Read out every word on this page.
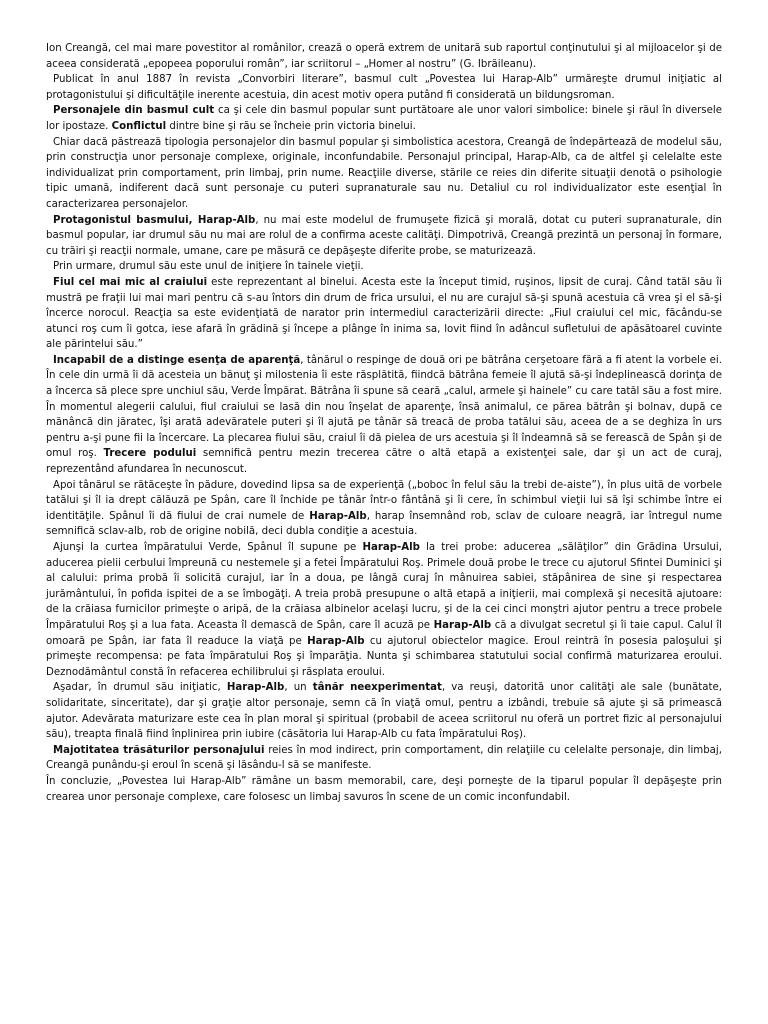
Ion Creangă, cel mai mare povestitor al românilor, crează o operă extrem de unitară sub raportul conţinutului şi al mijloacelor şi de aceea considerată „epopeea poporului român”, iar scriitorul – „Homer al nostru” (G. Ibrăileanu).

Publicat în anul 1887 în revista „Convorbiri literare”, basmul cult „Povestea lui Harap-Alb” urmăreşte drumul iniţiatic al protagonistului şi dificultăţile inerente acestuia, din acest motiv opera putând fi considerată un bildungsroman.

Personajele din basmul cult ca şi cele din basmul popular sunt purtătoare ale unor valori simbolice: binele şi răul în diversele lor ipostaze. Conflictul dintre bine şi rău se încheie prin victoria binelui.

Chiar dacă păstrează tipologia personajelor din basmul popular şi simbolistica acestora, Creangă de îndepărtează de modelul său, prin construcţia unor personaje complexe, originale, inconfundabile. Personajul principal, Harap-Alb, ca de altfel şi celelalte este individualizat prin comportament, prin limbaj, prin nume. Reacţiile diverse, stările ce reies din diferite situaţii denotă o psihologie tipic umană, indiferent dacă sunt personaje cu puteri supranaturale sau nu. Detaliul cu rol individualizator este esenţial în caracterizarea personajelor.

Protagonistul basmului, Harap-Alb, nu mai este modelul de frumuşete fizică şi morală, dotat cu puteri supranaturale, din basmul popular, iar drumul său nu mai are rolul de a confirma aceste calităţi. Dimpotrivă, Creangă prezintă un personaj în formare, cu trăiri şi reacţii normale, umane, care pe măsură ce depăşeşte diferite probe, se maturizează.

Prin urmare, drumul său este unul de iniţiere în tainele vieţii.

Fiul cel mai mic al craiului este reprezentant al binelui. Acesta este la început timid, ruşinos, lipsit de curaj. Când tatăl său îi mustră pe fraţii lui mai mari pentru că s-au întors din drum de frica ursului, el nu are curajul să-şi spună acestuia că vrea şi el să-şi încerce norocul. Reacţia sa este evidenţiată de narator prin intermediul caracterizării directe: „Fiul craiului cel mic, făcându-se atunci roş cum îi gotca, iese afară în grădină şi începe a plânge în inima sa, lovit fiind în adâncul sufletului de apăsătoarel cuvinte ale părintelui său.”

Incapabil de a distinge esenţa de aparenţă, tânărul o respinge de două ori pe bătrâna cerşetoare fără a fi atent la vorbele ei. În cele din urmă îi dă acesteia un bănuţ şi milostenia îi este răsplătită, fiindcă bătrâna femeie îl ajută să-şi îndeplinească dorinţa de a încerca să plece spre unchiul său, Verde Împărat. Bătrâna îi spune să ceară „calul, armele şi hainele” cu care tatăl său a fost mire. În momentul alegerii calului, fiul craiului se lasă din nou înşelat de aparenţe, însă animalul, ce părea bătrân şi bolnav, după ce mănâncă din jăratec, îşi arată adevăratele puteri şi îl ajută pe tânăr să treacă de proba tatălui său, aceea de a se deghiza în urs pentru a-şi pune fii la încercare. La plecarea fiului său, craiul îi dă pielea de urs acestuia şi îl îndeamnă să se ferească de Spân şi de omul roş. Trecere podului semnifică pentru mezin trecerea către o altă etapă a existenţei sale, dar şi un act de curaj, reprezentând afundarea în necunoscut.

Apoi tânărul se rătăceşte în pădure, dovedind lipsa sa de experienţă („boboc în felul său la trebi de-aiste”), în plus uită de vorbele tatălui şi îl ia drept călăuză pe Spân, care îl închide pe tânăr într-o fântână şi îi cere, în schimbul vieţii lui să îşi schimbe între ei identităţile. Spânul îi dă fiului de crai numele de Harap-Alb, harap însemnând rob, sclav de culoare neagră, iar întregul nume semnifică sclav-alb, rob de origine nobilă, deci dubla condiţie a acestuia.

Ajunşi la curtea împăratului Verde, Spânul îl supune pe Harap-Alb la trei probe: aducerea „sălăţilor” din Grădina Ursului, aducerea pielii cerbului împreună cu nestemele şi a fetei Împăratului Roş. Primele două probe le trece cu ajutorul Sfintei Duminici şi al calului: prima probă îi solicită curajul, iar în a doua, pe lângă curaj în mânuirea sabiei, stăpânirea de sine şi respectarea jurământului, în pofida ispitei de a se îmbogăţi. A treia probă presupune o altă etapă a iniţierii, mai complexă şi necesită ajutoare: de la crăiasa furnicilor primeşte o aripă, de la crăiasa albinelor acelaşi lucru, şi de la cei cinci monştri ajutor pentru a trece probele Împăratului Roş şi a lua fata. Aceasta îl demască de Spân, care îl acuză pe Harap-Alb că a divulgat secretul şi îi taie capul. Calul îl omoară pe Spân, iar fata îl readuce la viaţă pe Harap-Alb cu ajutorul obiectelor magice. Eroul reintră în posesia paloşului şi primeşte recompensa: pe fata împăratului Roş şi împarăţia. Nunta şi schimbarea statutului social confirmă maturizarea eroului. Deznodământul constă în refacerea echilibrului şi răsplata eroului.

Aşadar, în drumul său iniţiatic, Harap-Alb, un tânăr neexperimentat, va reuşi, datorită unor calităţi ale sale (bunătate, solidaritate, sinceritate), dar şi graţie altor personaje, semn că în viaţă omul, pentru a izbândi, trebuie să ajute şi să primească ajutor. Adevărata maturizare este cea în plan moral şi spiritual (probabil de aceea scriitorul nu oferă un portret fizic al personajului său), treapta finală fiind înplinirea prin iubire (căsătoria lui Harap-Alb cu fata împăratului Roş).

Majotitatea trăsăturilor personajului reies în mod indirect, prin comportament, din relaţiile cu celelalte personaje, din limbaj, Creangă punându-şi eroul în scenă şi lăsându-l să se manifeste.

În concluzie, „Povestea lui Harap-Alb” rămâne un basm memorabil, care, deşi porneşte de la tiparul popular îl depăşeşte prin crearea unor personaje complexe, care folosesc un limbaj savuros în scene de un comic inconfundabil.
